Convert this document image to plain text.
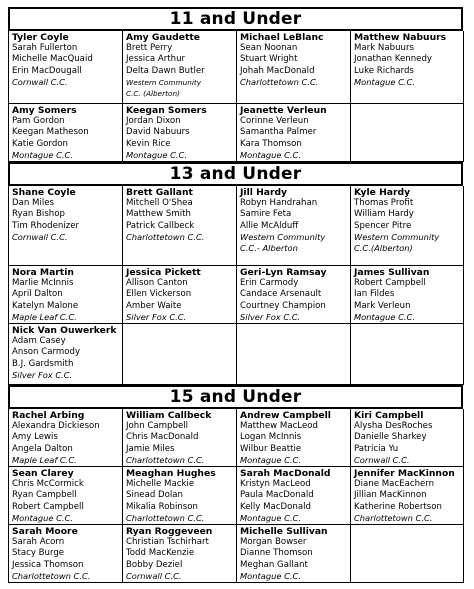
11 and Under
Tyler Coyle
Sarah Fullerton
Michelle MacQuaid
Erin MacDougall
Cornwall C.C.
Amy Gaudette
Brett Perry
Jessica Arthur
Delta Dawn Butler
Western Community
C.C. (Alberton)
Michael LeBlanc
Sean Noonan
Stuart Wright
Johah MacDonald
Charlottetown C.C.
Matthew Nabuurs
Mark Nabuurs
Jonathan Kennedy
Luke Richards
Montague C.C.
Amy Somers
Pam Gordon
Keegan Matheson
Katie Gordon
Montague C.C.
Keegan Somers
Jordan Dixon
David Nabuurs
Kevin Rice
Montague C.C.
Jeanette Verleun
Corinne Verleun
Samantha Palmer
Kara Thomson
Montague C.C.
13 and Under
Shane Coyle
Dan Miles
Ryan Bishop
Tim Rhodenizer
Cornwall C.C.
Brett Gallant
Mitchell O'Shea
Matthew Smith
Patrick Callbeck
Charlottetown C.C.
Jill Hardy
Robyn Handrahan
Samire Feta
Allie McAlduff
Western Community
C.C.- Alberton
Kyle Hardy
Thomas Profit
William Hardy
Spencer Pitre
Western Community
C.C.(Alberton)
Nora Martin
Marlie McInnis
April Dalton
Katelyn Malone
Maple Leaf C.C.
Jessica Pickett
Allison Canton
Ellen Vickerson
Amber Waite
Silver Fox C.C.
Geri-Lyn Ramsay
Erin Carmody
Candace Arsenault
Courtney Champion
Silver Fox C.C.
James Sullivan
Robert Campbell
Ian Fildes
Mark Verleun
Montague C.C.
Nick Van Ouwerkerk
Adam Casey
Anson Carmody
B.J. Gardsmith
Silver Fox C.C.
15 and Under
Rachel Arbing
Alexandra Dickieson
Amy Lewis
Angela Dalton
Maple Leaf C.C.
William Callbeck
John Campbell
Chris MacDonald
Jamie Miles
Charlottetown C.C.
Andrew Campbell
Matthew MacLeod
Logan McInnis
Wilbur Beattie
Montague C.C.
Kiri Campbell
Alysha DesRoches
Danielle Sharkey
Patricia Yu
Cornwall C.C.
Sean Clarey
Chris McCormick
Ryan Campbell
Robert Campbell
Montague C.C.
Meaghan Hughes
Michelle Mackie
Sinead Dolan
Mikalia Robinson
Charlottetown C.C.
Sarah MacDonald
Kristyn MacLeod
Paula MacDonald
Kelly MacDonald
Montague C.C.
Jennifer MacKinnon
Diane MacEachern
Jillian MacKinnon
Katherine Robertson
Charlottetown C.C.
Sarah Moore
Sarah Acorn
Stacy Burge
Jessica Thomson
Charlottetown C.C.
Ryan Roggeveen
Christian Tschirhart
Todd MacKenzie
Bobby Deziel
Cornwall C.C.
Michelle Sullivan
Morgan Bowser
Dianne Thomson
Meghan Gallant
Montague C.C.
